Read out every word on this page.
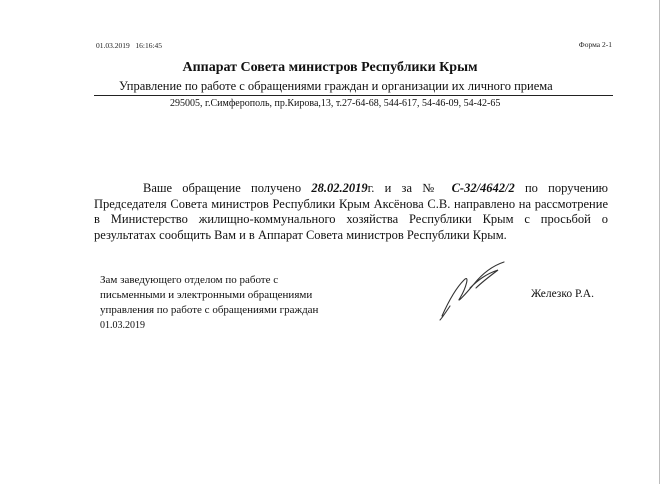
01.03.2019 16:16:45	Форма 2-1
Аппарат Совета министров Республики Крым
Управление по работе с обращениями граждан и организации их личного приема
295005, г.Симферополь, пр.Кирова,13, т.27-64-68, 544-617, 54-46-09, 54-42-65

Ваше обращение получено 28.02.2019г. и за № С-32/4642/2 по поручению Председателя Совета министров Республики Крым Аксёнова С.В. направлено на рассмотрение в Министерство жилищно-коммунального хозяйства Республики Крым с просьбой о результатах сообщить Вам и в Аппарат Совета министров Республики Крым.

Зам заведующего отделом по работе с
письменными и электронными обращениями
управления по работе с обращениями граждан
01.03.2019
Железко Р.А.
